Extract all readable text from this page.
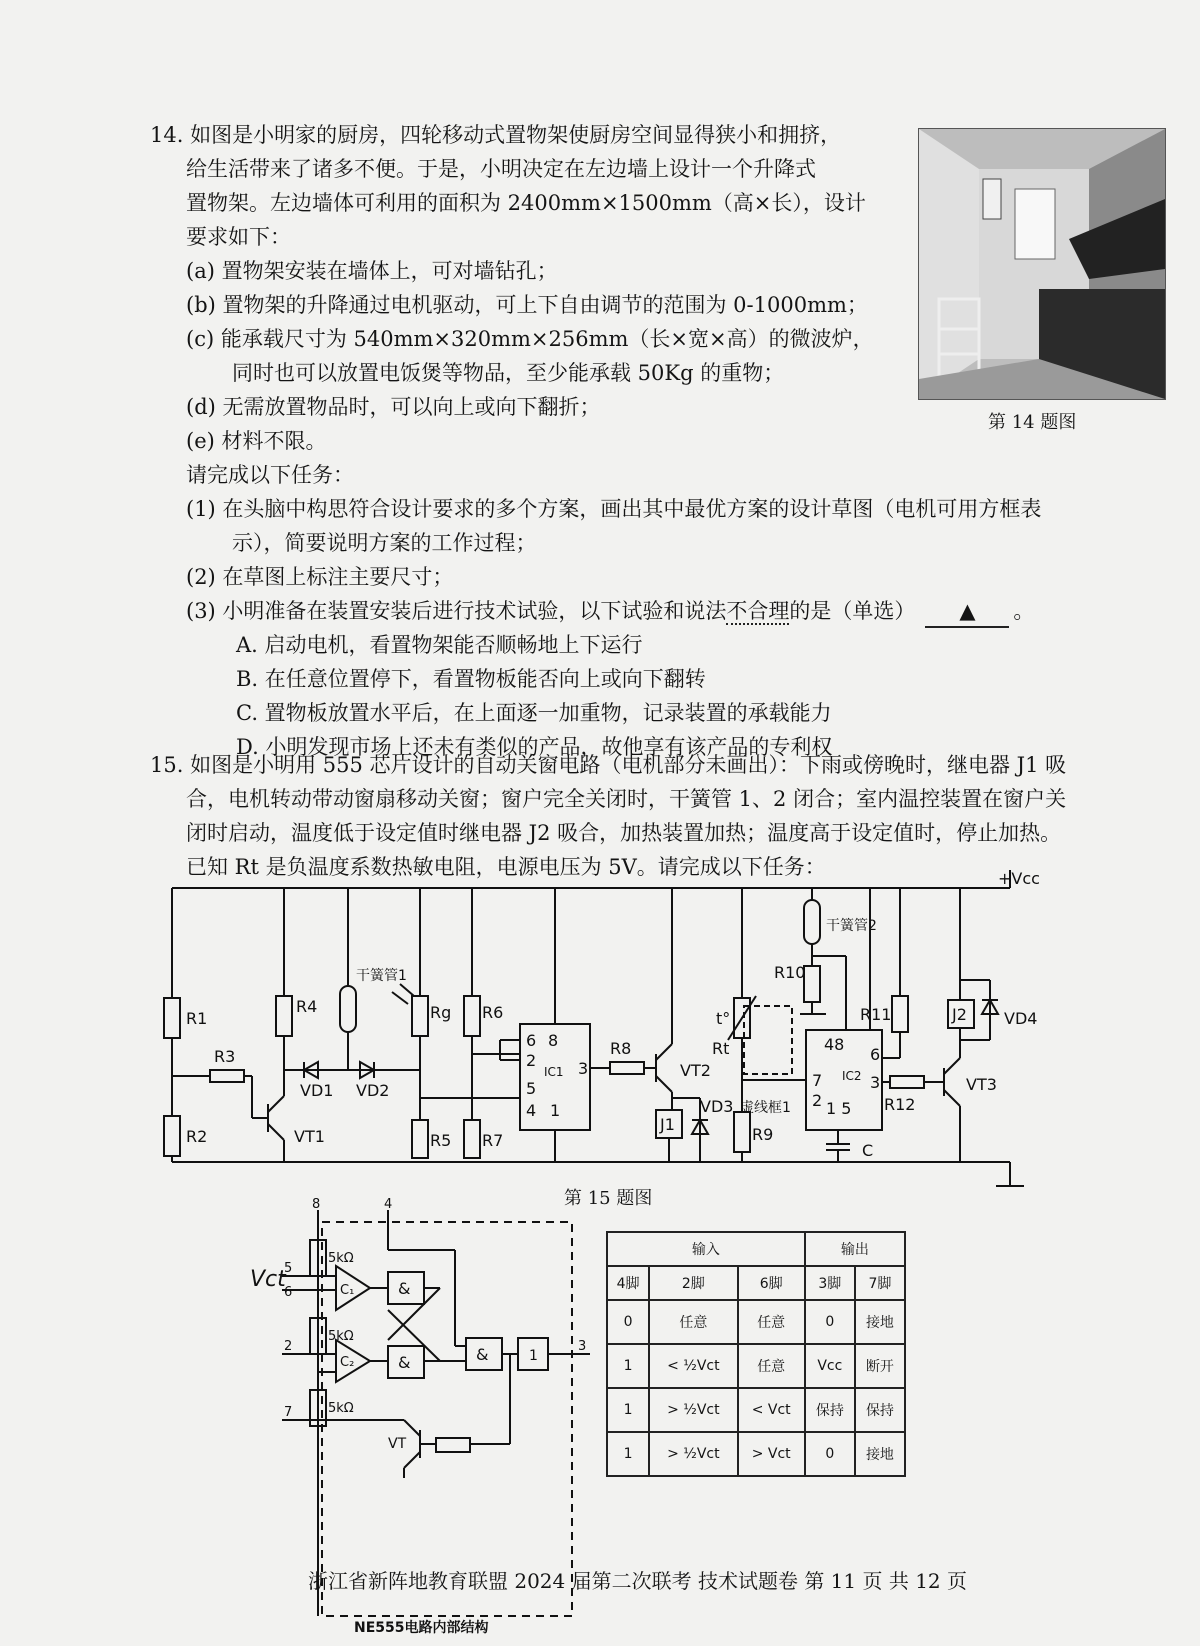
14. 如图是小明家的厨房，四轮移动式置物架使厨房空间显得狭小和拥挤，
给生活带来了诸多不便。于是，小明决定在左边墙上设计一个升降式
置物架。左边墙体可利用的面积为 2400mm×1500mm（高×长），设计
要求如下：
(a) 置物架安装在墙体上，可对墙钻孔；
(b) 置物架的升降通过电机驱动，可上下自由调节的范围为 0-1000mm；
(c) 能承载尺寸为 540mm×320mm×256mm（长×宽×高）的微波炉，
同时也可以放置电饭煲等物品，至少能承载 50Kg 的重物；
(d) 无需放置物品时，可以向上或向下翻折；
(e) 材料不限。
请完成以下任务：
(1) 在头脑中构思符合设计要求的多个方案，画出其中最优方案的设计草图（电机可用方框表
示），简要说明方案的工作过程；
(2) 在草图上标注主要尺寸；
(3) 小明准备在装置安装后进行技术试验，以下试验和说法不合理的是（单选） ▲ 。
A. 启动电机，看置物架能否顺畅地上下运行
B. 在任意位置停下，看置物板能否向上或向下翻转
C. 置物板放置水平后，在上面逐一加重物，记录装置的承载能力
D. 小明发现市场上还未有类似的产品，故他享有该产品的专利权
第 14 题图
15. 如图是小明用 555 芯片设计的自动关窗电路（电机部分未画出）：下雨或傍晚时，继电器 J1 吸
合，电机转动带动窗扇移动关窗；窗户完全关闭时，干簧管 1、2 闭合；室内温控装置在窗户关
闭时启动，温度低于设定值时继电器 J2 吸合，加热装置加热；温度高于设定值时，停止加热。
已知 Rt 是负温度系数热敏电阻，电源电压为 5V。请完成以下任务：	+Vcc
R1
R2
R3
R4	Rg
R5
R6
R7
R8
R9
R10
R11
R12
Rt
t°
VT1
VT2
VT3
VD1 VD2
VD3
VD4
干簧管1
干簧管2
IC1	IC2
J1
J2
C
虚线框1
6 8
2	3
5
4 1
48
6
7	3
2 1 5
第 15 题图
5kΩ
5kΩ
5kΩ
C₁
C₂
&
&	&	1
VT
Vct
8	4
5
6
2
7
3
NE555电路内部结构
输入			输出	
4脚	2脚	6脚	3脚	7脚
0	任意	任意	0	接地
1	< ½Vct	任意	Vcc	断开
1	> ½Vct	< Vct	保持	保持
1	> ½Vct	> Vct	0	接地
浙江省新阵地教育联盟 2024 届第二次联考 技术试题卷 第 11 页 共 12 页
